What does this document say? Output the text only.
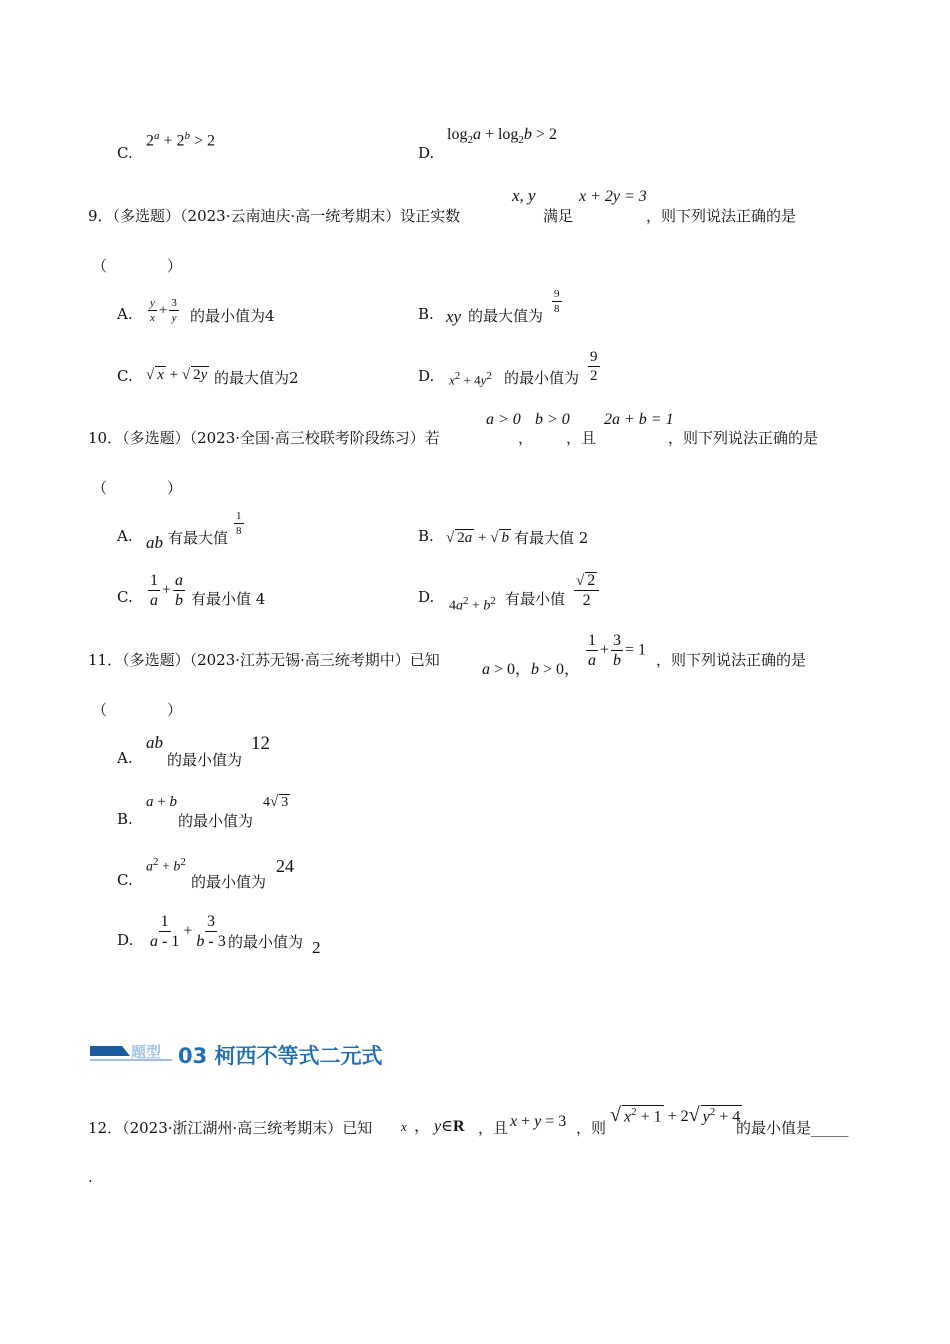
C.
$2^a + 2^b > 2$
D.
$\log_2a + \log_2b > 2$
9．（多选题）（2023·云南迪庆·高一统考期末）设正实数
x, y
满足
x + 2y = 3
，则下列说法正确的是
（　　　　）
A. $\frac{y}{x} + \frac{3}{y}$ 的最小值为4	B. xy 的最大值为
$\frac{9}{8}$
C. √ x + √ 2y 的最大值为2	D. $x^2 + 4y^2$ 的最小值为 $\frac{9}{2}$
10．（多选题）（2023·全国·高三校联考阶段练习）若
a > 0
，
b > 0
，且
2a + b = 1
，则下列说法正确的是
（　　　　）
A. ab 有最大值
$\frac{1}{8}$	B. √ 2a + √ b 有最大值 2
C. $\frac{1}{a} + \frac{a}{b}$ 有最小值 4	D.
$4a^2 + b^2$ 有最小值 $\frac{√ 2}{2}$
11．（多选题）（2023·江苏无锡·高三统考期中）已知
a > 0，b > 0，
$\frac{1}{a} + \frac{3}{b} = 1$
，则下列说法正确的是
（　　　　）
A.
ab
的最小值为
12
B.
a + b
的最小值为
4√ 3
C.
$a^2 + b^2$
的最小值为
24
D. $\frac{1}{a - 1} + \frac{3}{b - 3}$ 的最小值为 2
题型 03 柯西不等式二元式
12．（2023·浙江湖州·高三统考期末）已知 x ， y∈R ，且 x + y = 3 ，则
√ $x^2 + 1 + 2√$ $y^2 + 4$
的最小值是_____
.
